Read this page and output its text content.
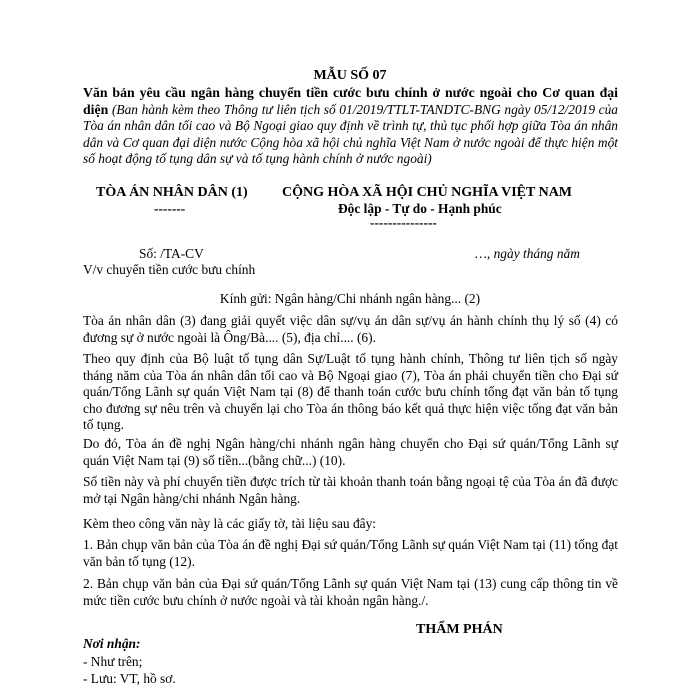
MẪU SỐ 07
Văn bản yêu cầu ngân hàng chuyển tiền cước bưu chính ở nước ngoài cho Cơ quan đại diện (Ban hành kèm theo Thông tư liên tịch số 01/2019/TTLT-TANDTC-BNG ngày 05/12/2019 của Tòa án nhân dân tối cao và Bộ Ngoại giao quy định về trình tự, thủ tục phối hợp giữa Tòa án nhân dân và Cơ quan đại diện nước Cộng hòa xã hội chủ nghĩa Việt Nam ở nước ngoài để thực hiện một số hoạt động tố tụng dân sự và tố tụng hành chính ở nước ngoài)
TÒA ÁN NHÂN DÂN (1)
-------
CỘNG HÒA XÃ HỘI CHỦ NGHĨA VIỆT NAM
Độc lập - Tự do - Hạnh phúc
---------------
Số: /TA-CV	…, ngày tháng năm
V/v chuyển tiền cước bưu chính
Kính gửi: Ngân hàng/Chi nhánh ngân hàng... (2)

Tòa án nhân dân (3) đang giải quyết việc dân sự/vụ án dân sự/vụ án hành chính thụ lý số (4) có đương sự ở nước ngoài là Ông/Bà.... (5), địa chỉ.... (6).

Theo quy định của Bộ luật tố tụng dân Sự/Luật tố tụng hành chính, Thông tư liên tịch số ngày tháng năm của Tòa án nhân dân tối cao và Bộ Ngoại giao (7), Tòa án phải chuyển tiền cho Đại sứ quán/Tổng Lãnh sự quán Việt Nam tại (8) để thanh toán cước bưu chính tống đạt văn bản tố tụng cho đương sự nêu trên và chuyển lại cho Tòa án thông báo kết quả thực hiện việc tống đạt văn bản tố tụng.

Do đó, Tòa án đề nghị Ngân hàng/chi nhánh ngân hàng chuyển cho Đại sứ quán/Tổng Lãnh sự quán Việt Nam tại (9) số tiền...(bằng chữ...) (10).

Số tiền này và phí chuyển tiền được trích từ tài khoản thanh toán bằng ngoại tệ của Tòa án đã được mở tại Ngân hàng/chi nhánh Ngân hàng.

Kèm theo công văn này là các giấy tờ, tài liệu sau đây:

1. Bản chụp văn bản của Tòa án đề nghị Đại sứ quán/Tổng Lãnh sự quán Việt Nam tại (11) tống đạt văn bản tố tụng (12).

2. Bản chụp văn bản của Đại sứ quán/Tổng Lãnh sự quán Việt Nam tại (13) cung cấp thông tin về mức tiền cước bưu chính ở nước ngoài và tài khoản ngân hàng./.

THẨM PHÁN
Nơi nhận:
- Như trên;
- Lưu: VT, hồ sơ.
